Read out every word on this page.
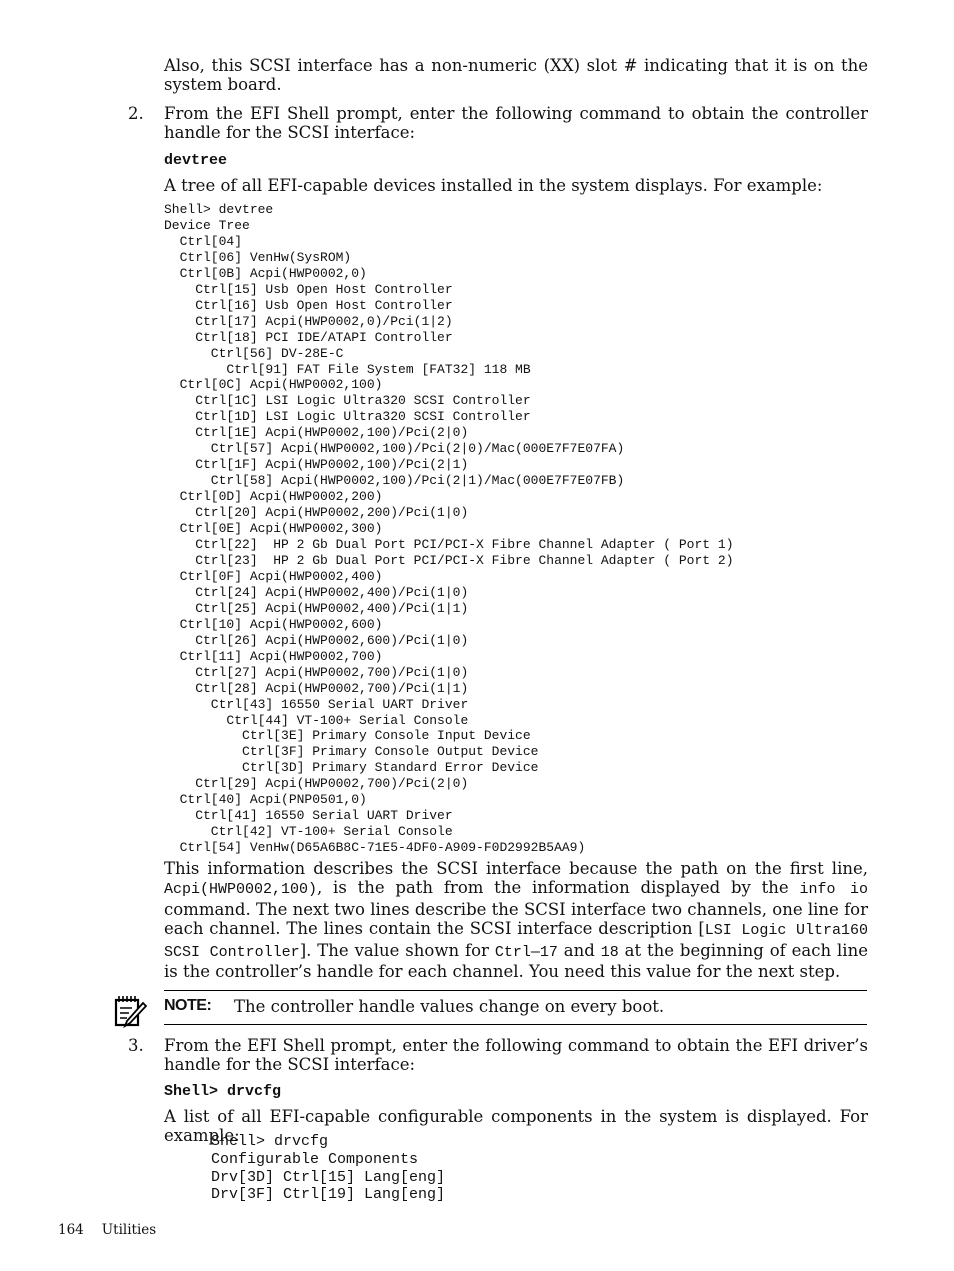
Also, this SCSI interface has a non-numeric (XX) slot # indicating that it is on the system board.

2. From the EFI Shell prompt, enter the following command to obtain the controller handle for the SCSI interface:

devtree

A tree of all EFI-capable devices installed in the system displays. For example:

Shell> devtree
Device Tree
Ctrl[04]
Ctrl[06] VenHw(SysROM)
Ctrl[0B] Acpi(HWP0002,0)
Ctrl[15] Usb Open Host Controller
Ctrl[16] Usb Open Host Controller
Ctrl[17] Acpi(HWP0002,0)/Pci(1|2)
Ctrl[18] PCI IDE/ATAPI Controller
Ctrl[56] DV-28E-C
Ctrl[91] FAT File System [FAT32] 118 MB
Ctrl[0C] Acpi(HWP0002,100)
Ctrl[1C] LSI Logic Ultra320 SCSI Controller
Ctrl[1D] LSI Logic Ultra320 SCSI Controller
Ctrl[1E] Acpi(HWP0002,100)/Pci(2|0)
Ctrl[57] Acpi(HWP0002,100)/Pci(2|0)/Mac(000E7F7E07FA)
Ctrl[1F] Acpi(HWP0002,100)/Pci(2|1)
Ctrl[58] Acpi(HWP0002,100)/Pci(2|1)/Mac(000E7F7E07FB)
Ctrl[0D] Acpi(HWP0002,200)
Ctrl[20] Acpi(HWP0002,200)/Pci(1|0)
Ctrl[0E] Acpi(HWP0002,300)
Ctrl[22]  HP 2 Gb Dual Port PCI/PCI-X Fibre Channel Adapter ( Port 1)
Ctrl[23]  HP 2 Gb Dual Port PCI/PCI-X Fibre Channel Adapter ( Port 2)
Ctrl[0F] Acpi(HWP0002,400)
Ctrl[24] Acpi(HWP0002,400)/Pci(1|0)
Ctrl[25] Acpi(HWP0002,400)/Pci(1|1)
Ctrl[10] Acpi(HWP0002,600)
Ctrl[26] Acpi(HWP0002,600)/Pci(1|0)
Ctrl[11] Acpi(HWP0002,700)
Ctrl[27] Acpi(HWP0002,700)/Pci(1|0)
Ctrl[28] Acpi(HWP0002,700)/Pci(1|1)
Ctrl[43] 16550 Serial UART Driver
Ctrl[44] VT-100+ Serial Console
Ctrl[3E] Primary Console Input Device
Ctrl[3F] Primary Console Output Device
Ctrl[3D] Primary Standard Error Device
Ctrl[29] Acpi(HWP0002,700)/Pci(2|0)
Ctrl[40] Acpi(PNP0501,0)
Ctrl[41] 16550 Serial UART Driver
Ctrl[42] VT-100+ Serial Console
Ctrl[54] VenHw(D65A6B8C-71E5-4DF0-A909-F0D2992B5AA9)

This information describes the SCSI interface because the path on the first line, Acpi(HWP0002,100), is the path from the information displayed by the info io command. The next two lines describe the SCSI interface two channels, one line for each channel. The lines contain the SCSI interface description [LSI Logic Ultra160 SCSI Controller]. The value shown for Ctrl—17 and 18 at the beginning of each line is the controller’s handle for each channel. You need this value for the next step.

NOTE: The controller handle values change on every boot.

3. From the EFI Shell prompt, enter the following command to obtain the EFI driver’s handle for the SCSI interface:

Shell> drvcfg

A list of all EFI-capable configurable components in the system is displayed. For example:

Shell> drvcfg
Configurable Components
Drv[3D] Ctrl[15] Lang[eng]
Drv[3F] Ctrl[19] Lang[eng]
164 Utilities
